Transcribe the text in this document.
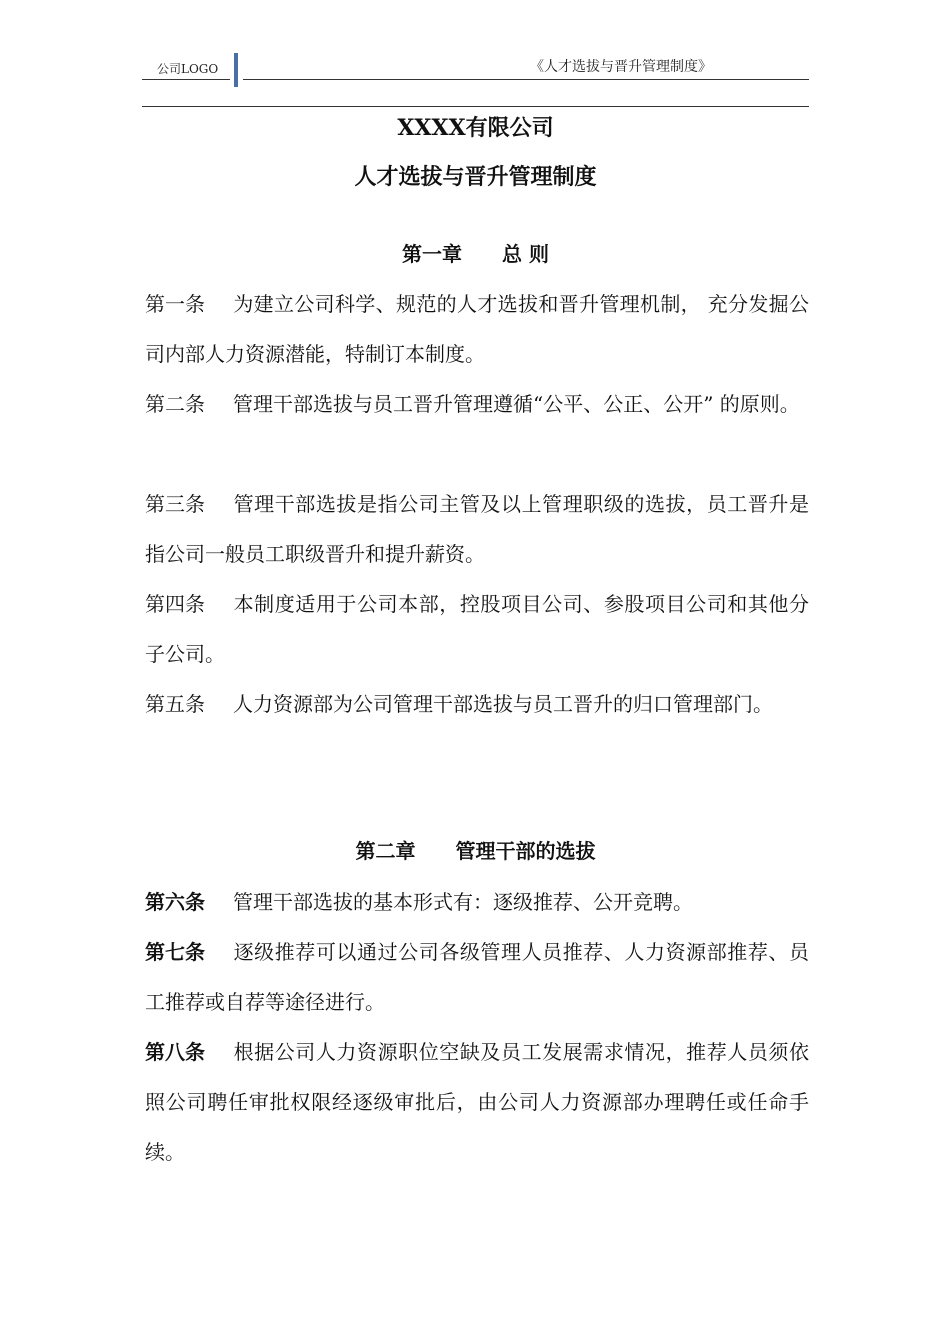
公司LOGO	《人才选拔与晋升管理制度》
XXXX有限公司
人才选拔与晋升管理制度
第一章　　总 则
第一条 为建立公司科学、规范的人才选拔和晋升管理机制， 充分发掘公司内部人力资源潜能，特制订本制度。
第二条 管理干部选拔与员工晋升管理遵循“公平、公正、公开” 的原则。
第三条 管理干部选拔是指公司主管及以上管理职级的选拔，员工晋升是指公司一般员工职级晋升和提升薪资。
第四条 本制度适用于公司本部，控股项目公司、参股项目公司和其他分子公司。
第五条 人力资源部为公司管理干部选拔与员工晋升的归口管理部门。
第二章　　管理干部的选拔
第六条 管理干部选拔的基本形式有：逐级推荐、公开竞聘。
第七条 逐级推荐可以通过公司各级管理人员推荐、人力资源部推荐、员工推荐或自荐等途径进行。
第八条 根据公司人力资源职位空缺及员工发展需求情况，推荐人员须依照公司聘任审批权限经逐级审批后，由公司人力资源部办理聘任或任命手续。
